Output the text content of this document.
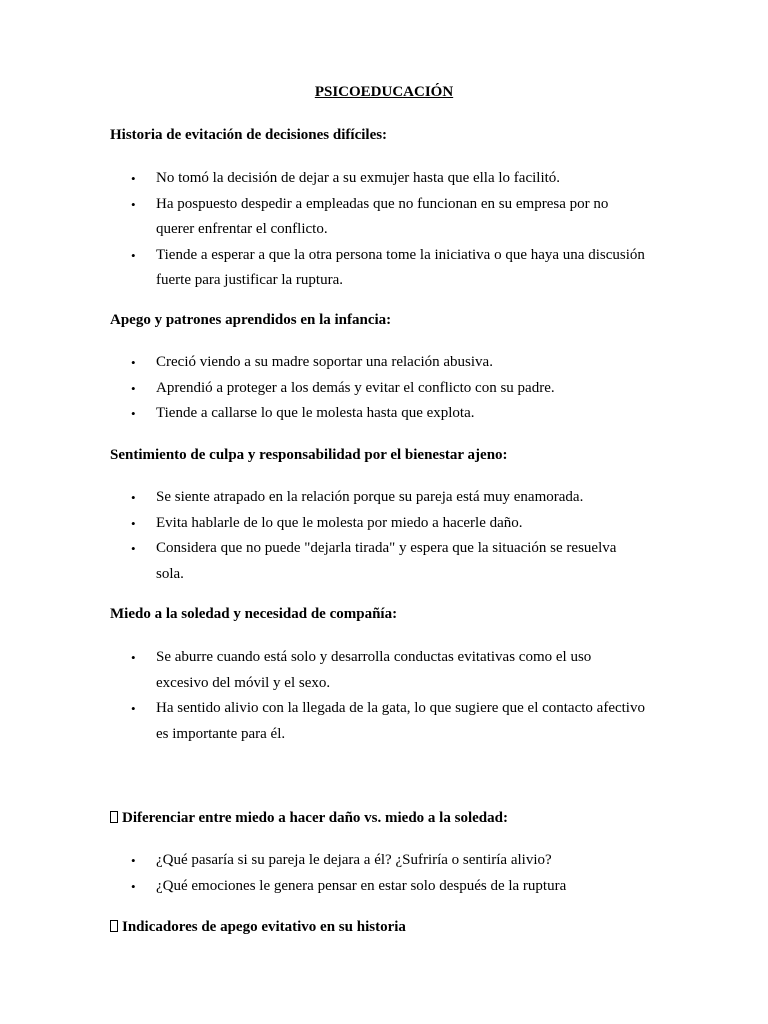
PSICOEDUCACIÓN
Historia de evitación de decisiones difíciles:
• No tomó la decisión de dejar a su exmujer hasta que ella lo facilitó.
• Ha pospuesto despedir a empleadas que no funcionan en su empresa por no querer enfrentar el conflicto.
• Tiende a esperar a que la otra persona tome la iniciativa o que haya una discusión fuerte para justificar la ruptura.
Apego y patrones aprendidos en la infancia:
• Creció viendo a su madre soportar una relación abusiva.
• Aprendió a proteger a los demás y evitar el conflicto con su padre.
• Tiende a callarse lo que le molesta hasta que explota.
Sentimiento de culpa y responsabilidad por el bienestar ajeno:
• Se siente atrapado en la relación porque su pareja está muy enamorada.
• Evita hablarle de lo que le molesta por miedo a hacerle daño.
• Considera que no puede "dejarla tirada" y espera que la situación se resuelva sola.
Miedo a la soledad y necesidad de compañía:
• Se aburre cuando está solo y desarrolla conductas evitativas como el uso excesivo del móvil y el sexo.
• Ha sentido alivio con la llegada de la gata, lo que sugiere que el contacto afectivo es importante para él.
Diferenciar entre miedo a hacer daño vs. miedo a la soledad:
• ¿Qué pasaría si su pareja le dejara a él? ¿Sufriría o sentiría alivio?
• ¿Qué emociones le genera pensar en estar solo después de la ruptura
Indicadores de apego evitativo en su historia
